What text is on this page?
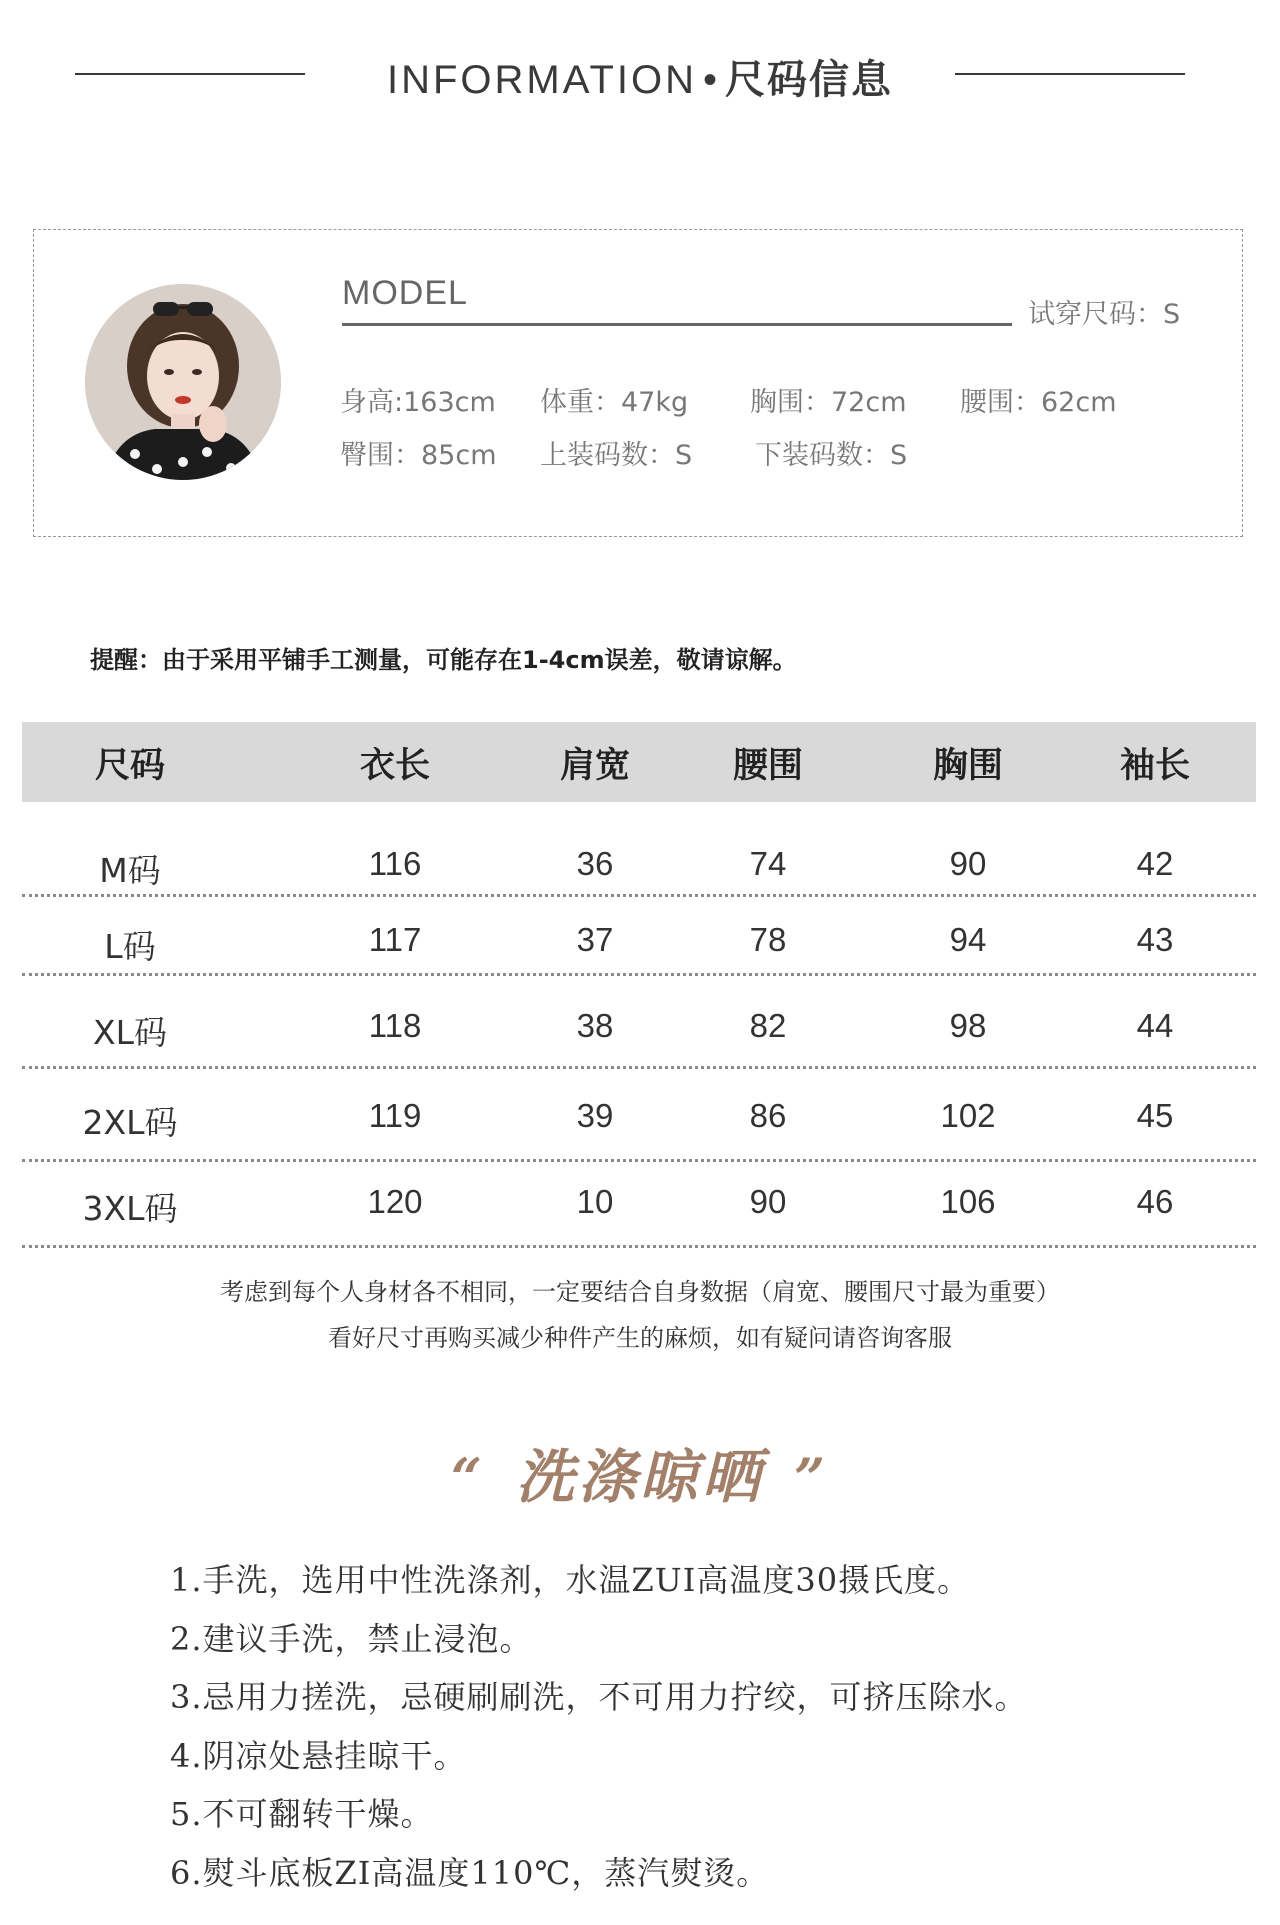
INFORMATION • 尺码信息
MODEL
试穿尺码：S
身高:163cm 体重：47kg 胸围：72cm 腰围：62cm
臀围：85cm 上装码数：S 下装码数：S
提醒：由于采用平铺手工测量，可能存在1-4cm误差，敬请谅解。
尺码	衣长	肩宽	腰围	胸围	袖长
M码	116	36	74	90	42
L码	117	37	78	94	43
XL码	118	38	82	98	44
2XL码	119	39	86	102	45
3XL码	120	10	90	106	46
考虑到每个人身材各不相同，一定要结合自身数据（肩宽、腰围尺寸最为重要）
看好尺寸再购买减少种件产生的麻烦，如有疑问请咨询客服
“ 洗涤晾晒 ”
1.手洗，选用中性洗涤剂，水温ZUI高温度30摄氏度。
2.建议手洗，禁止浸泡。
3.忌用力搓洗，忌硬刷刷洗，不可用力拧绞，可挤压除水。
4.阴凉处悬挂晾干。
5.不可翻转干燥。
6.熨斗底板ZI高温度110℃，蒸汽熨烫。
